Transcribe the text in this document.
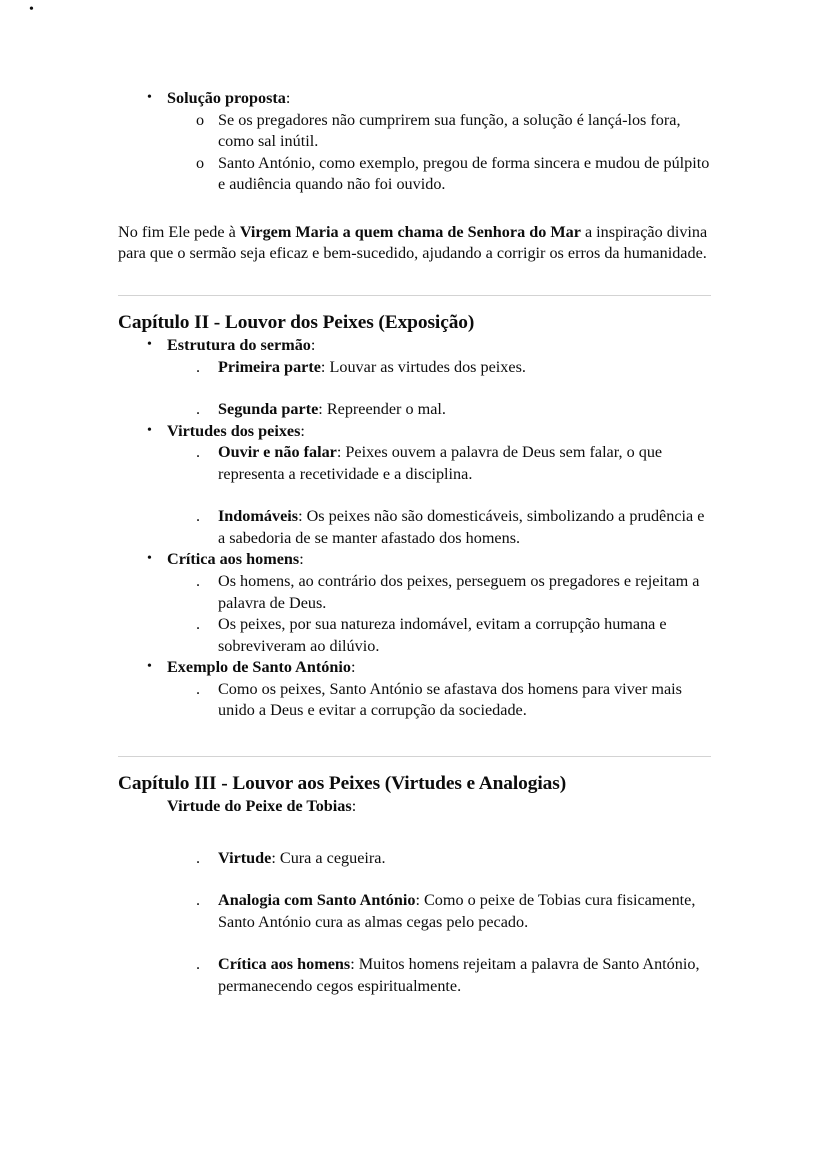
• Solução proposta:
o Se os pregadores não cumprirem sua função, a solução é lançá-los fora, como sal inútil.
o Santo António, como exemplo, pregou de forma sincera e mudou de púlpito e audiência quando não foi ouvido.

No fim Ele pede à Virgem Maria a quem chama de Senhora do Mar a inspiração divina para que o sermão seja eficaz e bem-sucedido, ajudando a corrigir os erros da humanidade.

Capítulo II - Louvor dos Peixes (Exposição)
• Estrutura do sermão:
. Primeira parte: Louvar as virtudes dos peixes.
. Segunda parte: Repreender o mal.
• Virtudes dos peixes:
. Ouvir e não falar: Peixes ouvem a palavra de Deus sem falar, o que representa a recetividade e a disciplina.
. Indomáveis: Os peixes não são domesticáveis, simbolizando a prudência e a sabedoria de se manter afastado dos homens.
• Crítica aos homens:
. Os homens, ao contrário dos peixes, perseguem os pregadores e rejeitam a palavra de Deus.
. Os peixes, por sua natureza indomável, evitam a corrupção humana e sobreviveram ao dilúvio.
• Exemplo de Santo António:
. Como os peixes, Santo António se afastava dos homens para viver mais unido a Deus e evitar a corrupção da sociedade.
Capítulo III - Louvor aos Peixes (Virtudes e Analogias)
Virtude do Peixe de Tobias:
•
. Virtude: Cura a cegueira.
. Analogia com Santo António: Como o peixe de Tobias cura fisicamente, Santo António cura as almas cegas pelo pecado.
. Crítica aos homens: Muitos homens rejeitam a palavra de Santo António, permanecendo cegos espiritualmente.
